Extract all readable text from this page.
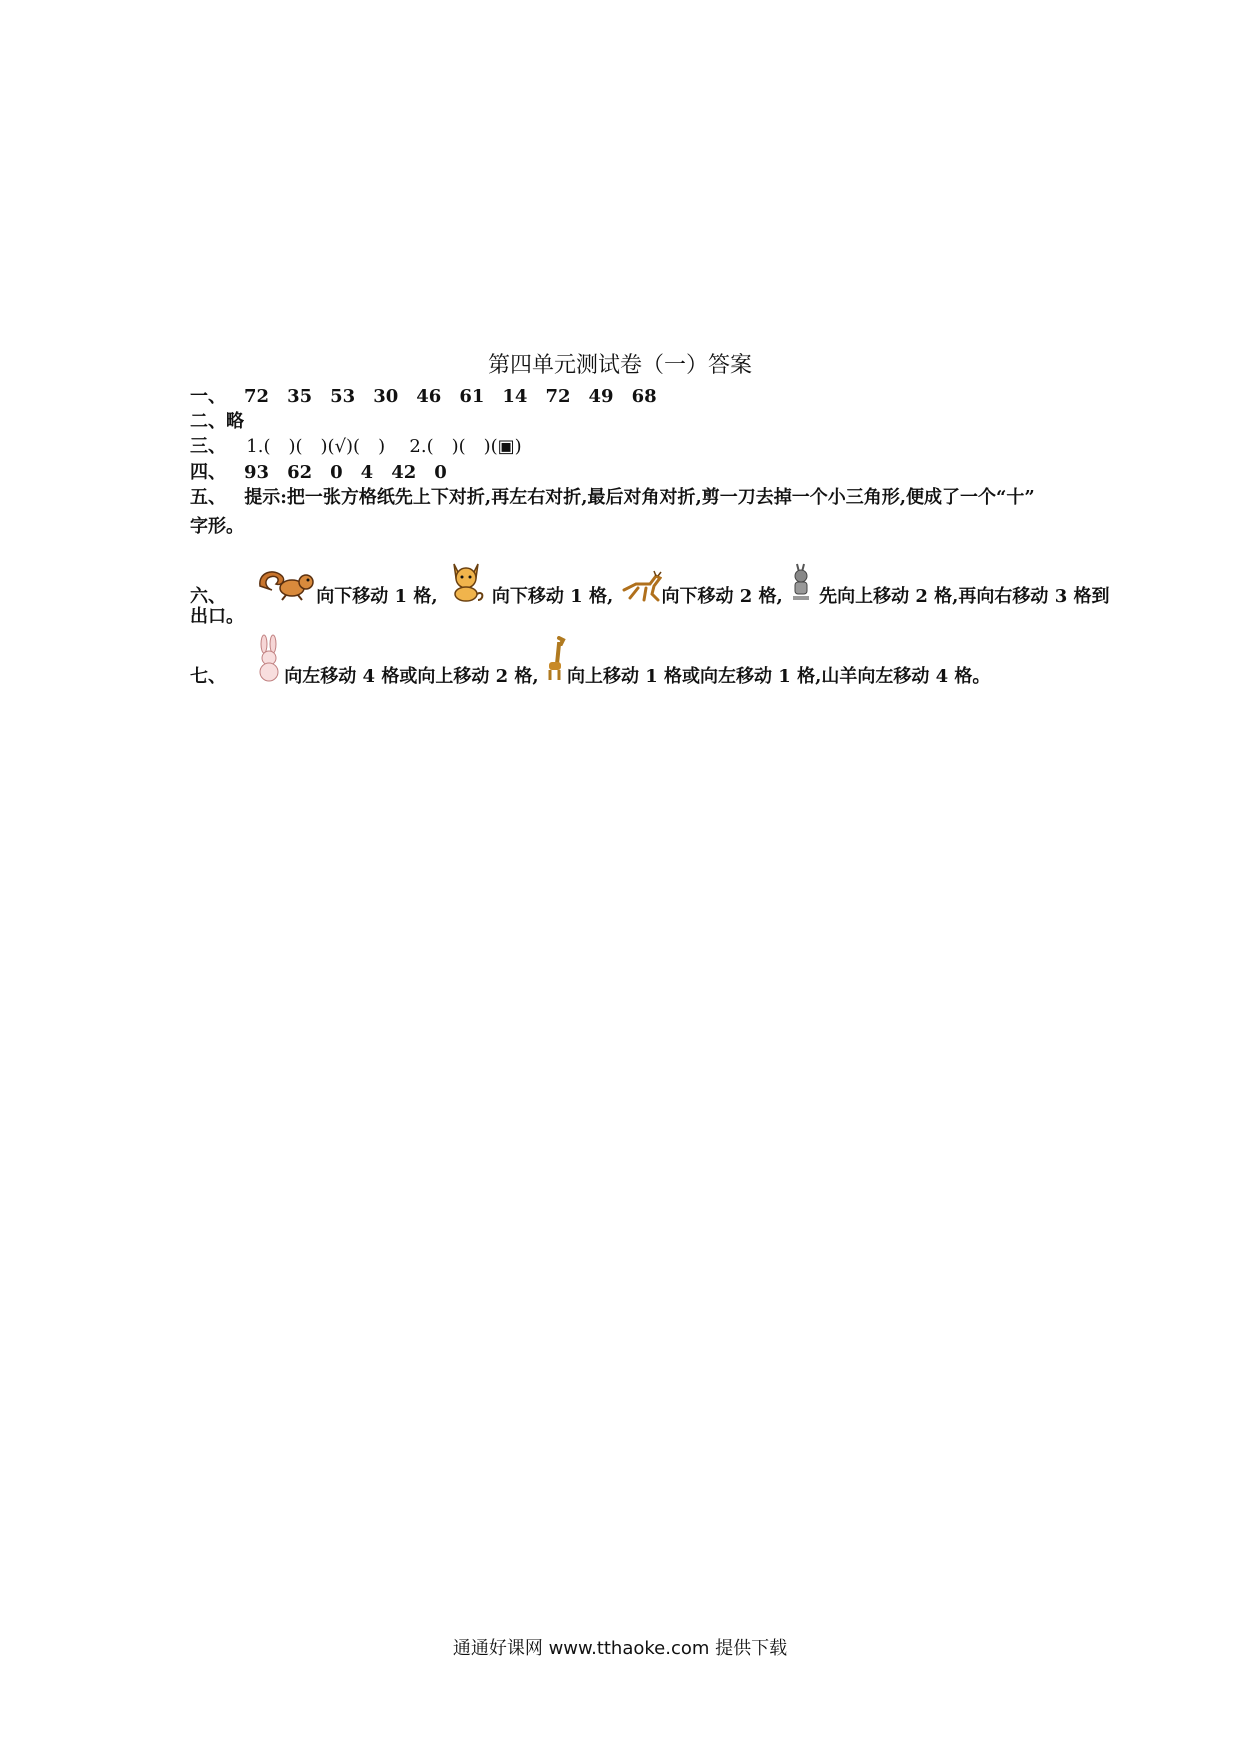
第四单元测试卷（一）答案
一、 72 35 53 30 46 61 14 72 49 68
二、略
三、 1.(　)(　)(√)(　) 2.(　)(　)(▣)
四、 93 62 0 4 42 0
五、 提示:把一张方格纸先上下对折,再左右对折,最后对角对折,剪一刀去掉一个小三角形,便成了一个“十”
字形。
六、	向下移动 1 格,	向下移动 1 格,	向下移动 2 格, 先向上移动 2 格,再向右移动 3 格到
出口。
七、	向左移动 4 格或向上移动 2 格, 向上移动 1 格或向左移动 1 格,山羊向左移动 4 格。
通通好课网 www.tthaoke.com 提供下载
